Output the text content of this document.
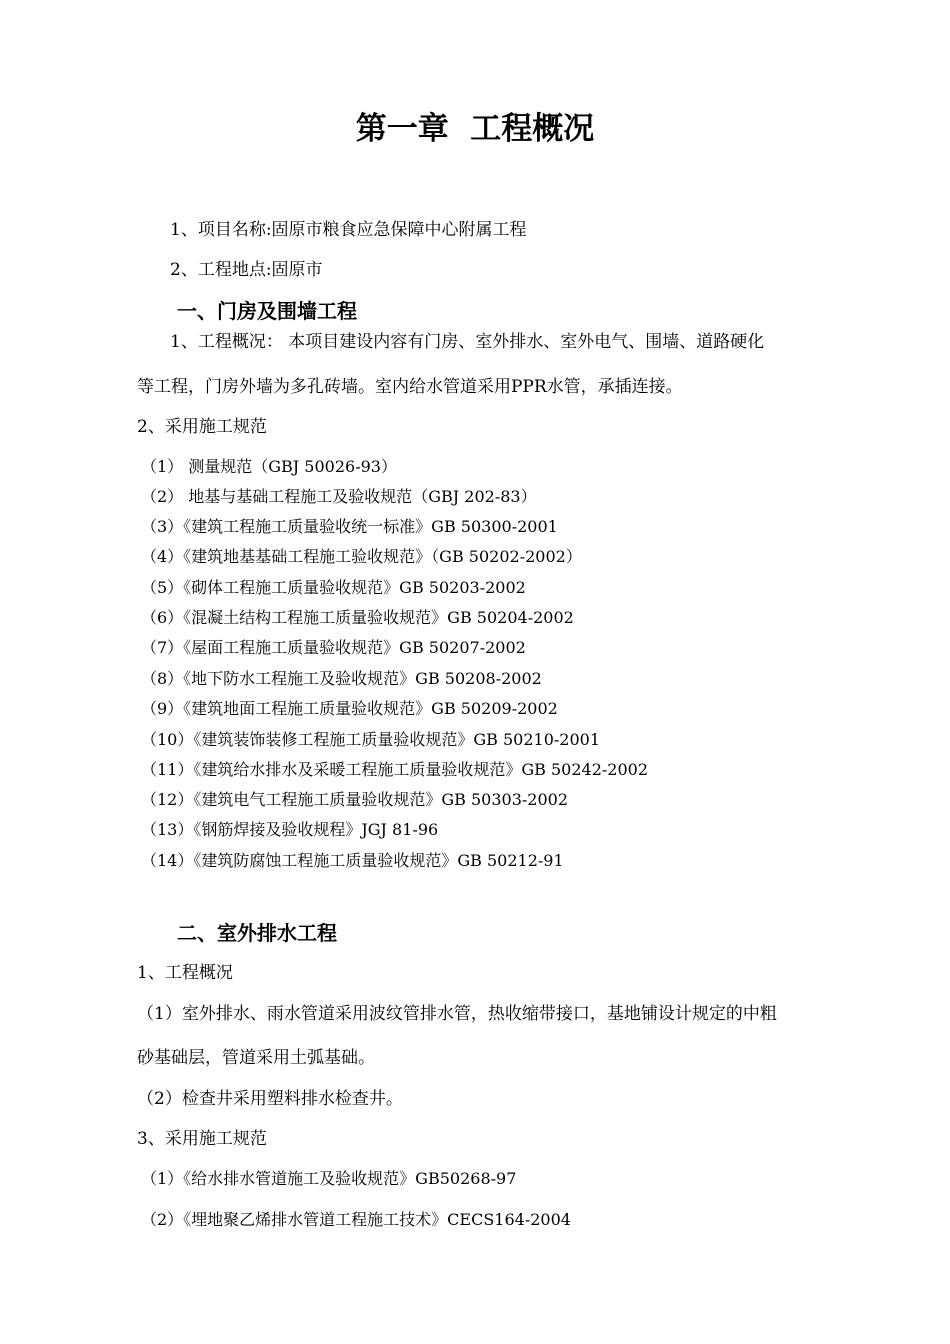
第一章  工程概况
1、项目名称:固原市粮食应急保障中心附属工程
2、工程地点:固原市
一、门房及围墙工程
1、工程概况： 本项目建设内容有门房、室外排水、室外电气、围墙、道路硬化
等工程，门房外墙为多孔砖墙。室内给水管道采用PPR水管，承插连接。
2、采用施工规范
（1） 测量规范（GBJ 50026-93）
（2） 地基与基础工程施工及验收规范（GBJ 202-83）
（3）《建筑工程施工质量验收统一标准》GB 50300-2001
（4）《建筑地基基础工程施工验收规范》（GB 50202-2002）
（5）《砌体工程施工质量验收规范》GB 50203-2002
（6）《混凝土结构工程施工质量验收规范》GB 50204-2002
（7）《屋面工程施工质量验收规范》GB 50207-2002
（8）《地下防水工程施工及验收规范》GB 50208-2002
（9）《建筑地面工程施工质量验收规范》GB 50209-2002
（10）《建筑装饰装修工程施工质量验收规范》GB 50210-2001
（11）《建筑给水排水及采暖工程施工质量验收规范》GB 50242-2002
（12）《建筑电气工程施工质量验收规范》GB 50303-2002
（13）《钢筋焊接及验收规程》JGJ 81-96
（14）《建筑防腐蚀工程施工质量验收规范》GB 50212-91
二、室外排水工程
1、工程概况
（1）室外排水、雨水管道采用波纹管排水管，热收缩带接口，基地铺设计规定的中粗
砂基础层，管道采用土弧基础。
（2）检查井采用塑料排水检查井。
3、采用施工规范
（1）《给水排水管道施工及验收规范》GB50268-97
（2）《埋地聚乙烯排水管道工程施工技术》CECS164-2004
